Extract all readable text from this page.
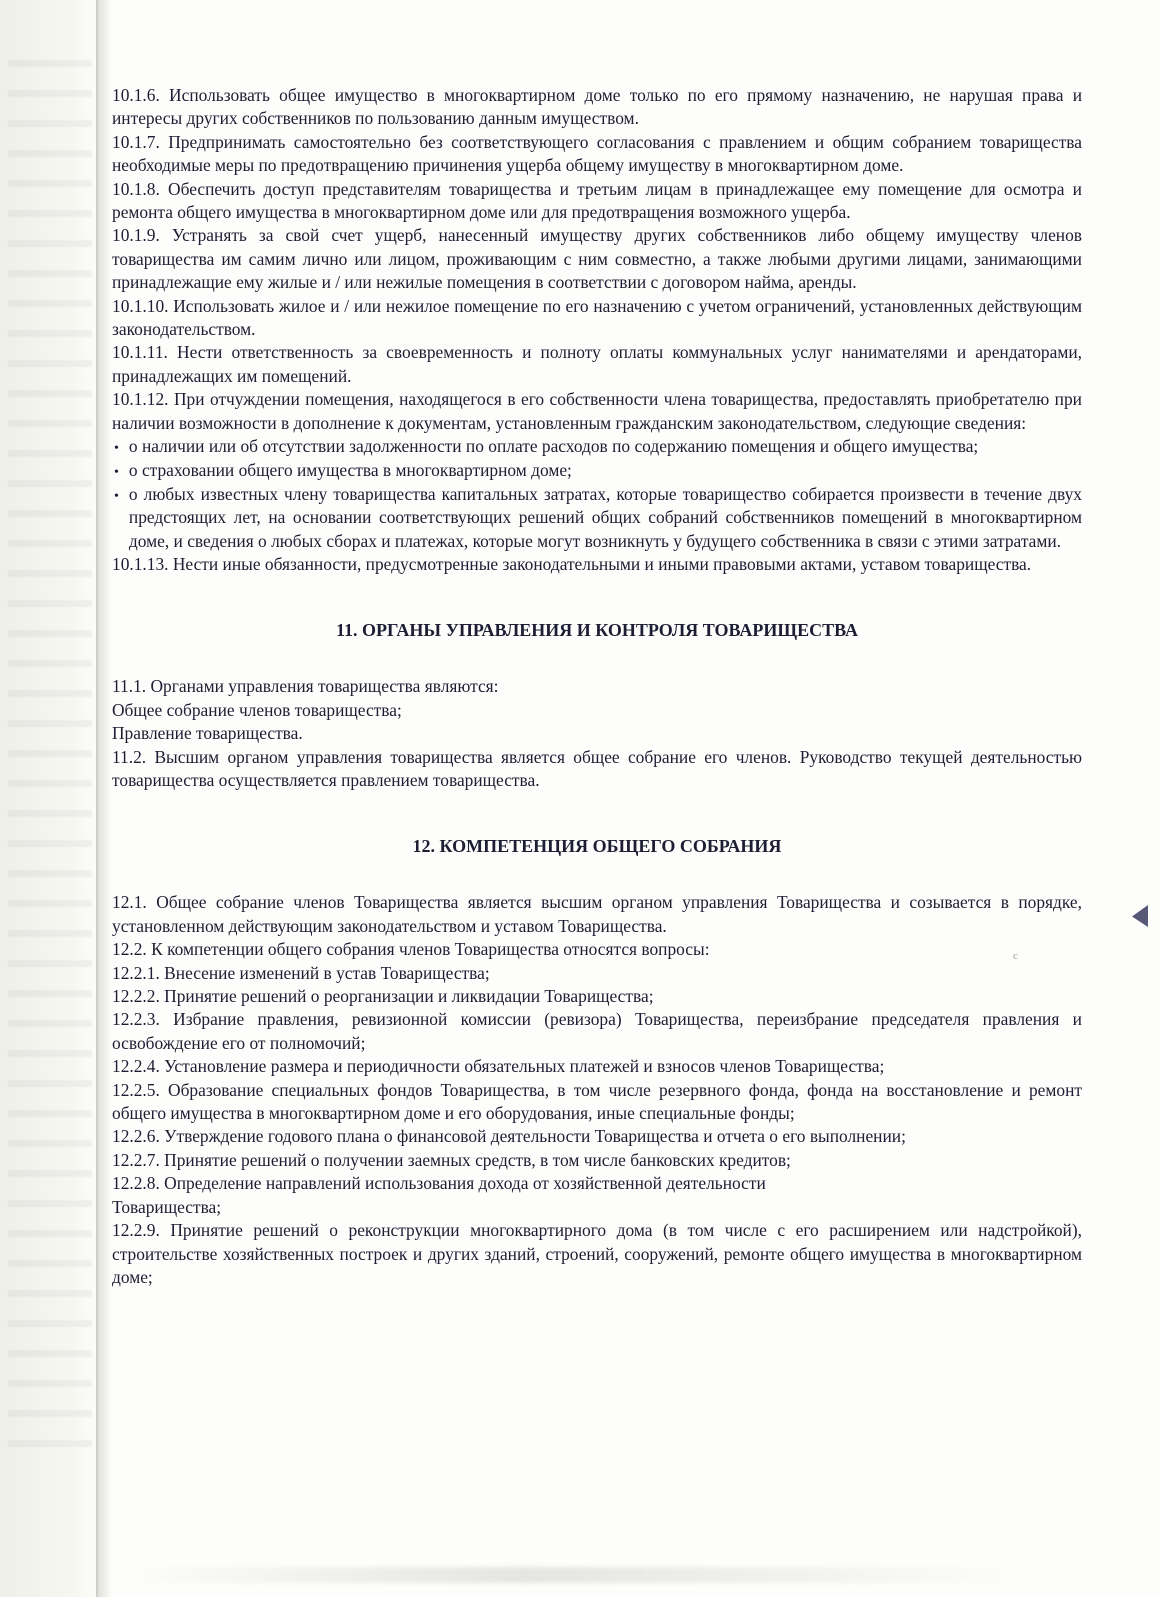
c

10.1.6. Использовать общее имущество в многоквартирном доме только по его прямому назначению, не нарушая права и интересы других собственников по пользованию данным имуществом.

10.1.7. Предпринимать самостоятельно без соответствующего согласования с правлением и общим собранием товарищества необходимые меры по предотвращению причинения ущерба общему имуществу в многоквартирном доме.

10.1.8. Обеспечить доступ представителям товарищества и третьим лицам в принадлежащее ему помещение для осмотра и ремонта общего имущества в многоквартирном доме или для предотвращения возможного ущерба.

10.1.9. Устранять за свой счет ущерб, нанесенный имуществу других собственников либо общему имуществу членов товарищества им самим лично или лицом, проживающим с ним совместно, а также любыми другими лицами, занимающими принадлежащие ему жилые и / или нежилые помещения в соответствии с договором найма, аренды.

10.1.10. Использовать жилое и / или нежилое помещение по его назначению с учетом ограничений, установленных действующим законодательством.

10.1.11. Нести ответственность за своевременность и полноту оплаты коммунальных услуг нанимателями и арендаторами, принадлежащих им помещений.

10.1.12. При отчуждении помещения, находящегося в его собственности члена товарищества, предоставлять приобретателю при наличии возможности в дополнение к документам, установленным гражданским законодательством, следующие сведения:

• о наличии или об отсутствии задолженности по оплате расходов по содержанию помещения и общего имущества;
• о страховании общего имущества в многоквартирном доме;
• о любых известных члену товарищества капитальных затратах, которые товарищество собирается произвести в течение двух предстоящих лет, на основании соответствующих решений общих собраний собственников помещений в многоквартирном доме, и сведения о любых сборах и платежах, которые могут возникнуть у будущего собственника в связи с этими затратами.

10.1.13. Нести иные обязанности, предусмотренные законодательными и иными правовыми актами, уставом товарищества.

11. ОРГАНЫ УПРАВЛЕНИЯ И КОНТРОЛЯ ТОВАРИЩЕСТВА

11.1. Органами управления товарищества являются:

Общее собрание членов товарищества;

Правление товарищества.

11.2. Высшим органом управления товарищества является общее собрание его членов. Руководство текущей деятельностью товарищества осуществляется правлением товарищества.

12. КОМПЕТЕНЦИЯ ОБЩЕГО СОБРАНИЯ

12.1. Общее собрание членов Товарищества является высшим органом управления Товарищества и созывается в порядке, установленном действующим законодательством и уставом Товарищества.

12.2. К компетенции общего собрания членов Товарищества относятся вопросы:

12.2.1. Внесение изменений в устав Товарищества;

12.2.2. Принятие решений о реорганизации и ликвидации Товарищества;

12.2.3. Избрание правления, ревизионной комиссии (ревизора) Товарищества, переизбрание председателя правления и освобождение его от полномочий;

12.2.4. Установление размера и периодичности обязательных платежей и взносов членов Товарищества;

12.2.5. Образование специальных фондов Товарищества, в том числе резервного фонда, фонда на восстановление и ремонт общего имущества в многоквартирном доме и его оборудования, иные специальные фонды;

12.2.6. Утверждение годового плана о финансовой деятельности Товарищества и отчета о его выполнении;

12.2.7. Принятие решений о получении заемных средств, в том числе банковских кредитов;

12.2.8. Определение направлений использования дохода от хозяйственной деятельности

Товарищества;

12.2.9. Принятие решений о реконструкции многоквартирного дома (в том числе с его расширением или надстройкой), строительстве хозяйственных построек и других зданий, строений, сооружений, ремонте общего имущества в многоквартирном доме;
